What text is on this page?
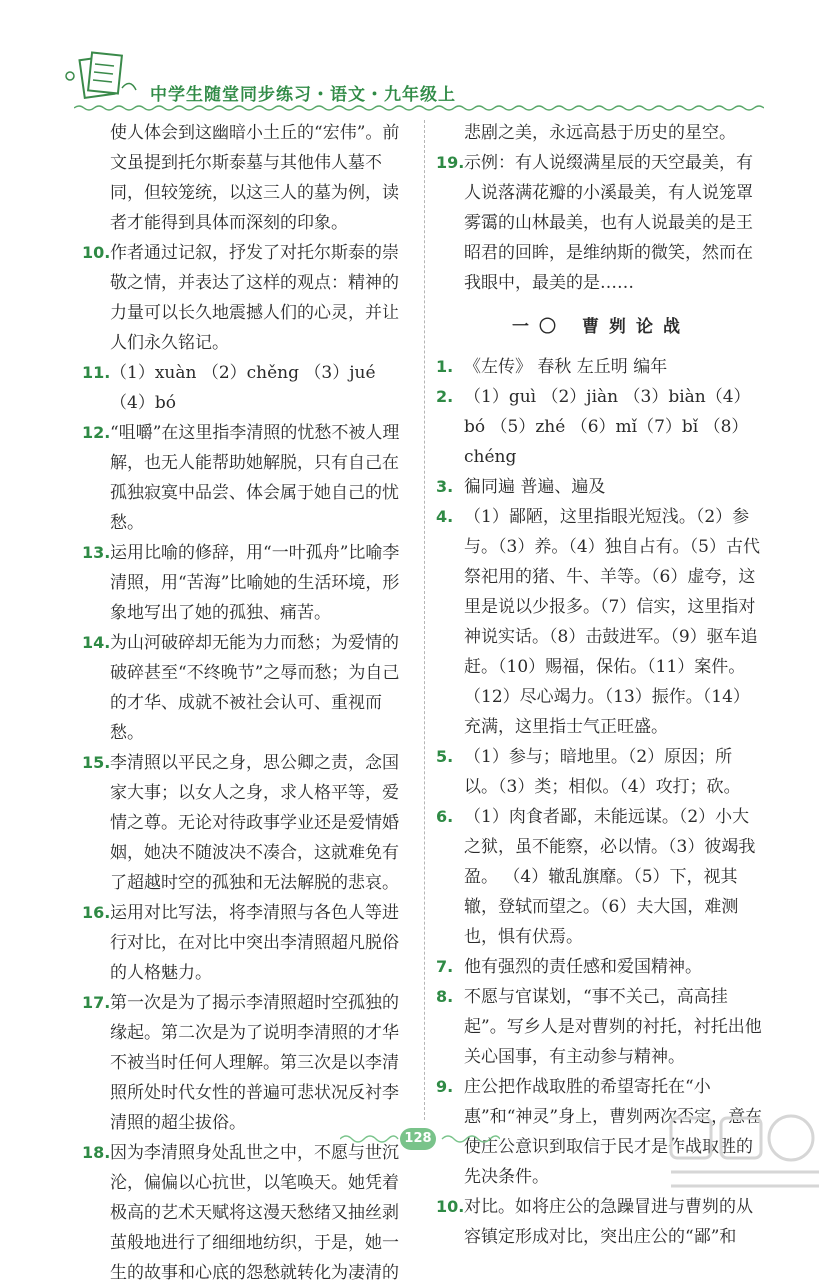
中学生随堂同步练习・语文・九年级上

使人体会到这幽暗小土丘的“宏伟”。前文虽提到托尔斯泰墓与其他伟人墓不同，但较笼统，以这三人的墓为例，读者才能得到具体而深刻的印象。

10. 作者通过记叙，抒发了对托尔斯泰的崇敬之情，并表达了这样的观点：精神的力量可以长久地震撼人们的心灵，并让人们永久铭记。

11. （1）xuàn （2）chěng （3）jué （4）bó

12. “咀嚼”在这里指李清照的忧愁不被人理解，也无人能帮助她解脱，只有自己在孤独寂寞中品尝、体会属于她自己的忧愁。

13. 运用比喻的修辞，用“一叶孤舟”比喻李清照，用“苦海”比喻她的生活环境，形象地写出了她的孤独、痛苦。

14. 为山河破碎却无能为力而愁；为爱情的破碎甚至“不终晚节”之辱而愁；为自己的才华、成就不被社会认可、重视而愁。

15. 李清照以平民之身，思公卿之责，念国家大事；以女人之身，求人格平等，爱情之尊。无论对待政事学业还是爱情婚姻，她决不随波决不凑合，这就难免有了超越时空的孤独和无法解脱的悲哀。

16. 运用对比写法，将李清照与各色人等进行对比，在对比中突出李清照超凡脱俗的人格魅力。

17. 第一次是为了揭示李清照超时空孤独的缘起。第二次是为了说明李清照的才华不被当时任何人理解。第三次是以李清照所处时代女性的普遍可悲状况反衬李清照的超尘拔俗。

18. 因为李清照身处乱世之中，不愿与世沉沦，偏偏以心抗世，以笔唤天。她凭着极高的艺术天赋将这漫天愁绪又抽丝剥茧般地进行了细细地纺织，于是，她一生的故事和心底的怨愁就转化为凄清的

悲剧之美，永远高悬于历史的星空。

19. 示例：有人说缀满星辰的天空最美，有人说落满花瓣的小溪最美，有人说笼罩雾霭的山林最美，也有人说最美的是王昭君的回眸，是维纳斯的微笑，然而在我眼中，最美的是……

一〇 曹刿论战

1. 《左传》 春秋 左丘明 编年

2. （1）guì （2）jiàn （3）biàn（4）bó （5）zhé （6）mǐ（7）bǐ （8）chéng

3. 徧同遍 普遍、遍及

4. （1）鄙陋，这里指眼光短浅。（2）参与。（3）养。（4）独自占有。（5）古代祭祀用的猪、牛、羊等。（6）虚夸，这里是说以少报多。（7）信实，这里指对神说实话。（8）击鼓进军。（9）驱车追赶。（10）赐福，保佑。（11）案件。（12）尽心竭力。（13）振作。（14）充满，这里指士气正旺盛。

5. （1）参与；暗地里。（2）原因；所以。（3）类；相似。（4）攻打；砍。

6. （1）肉食者鄙，未能远谋。（2）小大之狱，虽不能察，必以情。（3）彼竭我盈。 （4）辙乱旗靡。（5）下，视其辙，登轼而望之。（6）夫大国，难测也，惧有伏焉。

7. 他有强烈的责任感和爱国精神。

8. 不愿与官谋划，“事不关己，高高挂起”。写乡人是对曹刿的衬托，衬托出他关心国事，有主动参与精神。

9. 庄公把作战取胜的希望寄托在“小惠”和“神灵”身上，曹刿两次否定，意在使庄公意识到取信于民才是作战取胜的先决条件。

10. 对比。如将庄公的急躁冒进与曹刿的从容镇定形成对比，突出庄公的“鄙”和

128
